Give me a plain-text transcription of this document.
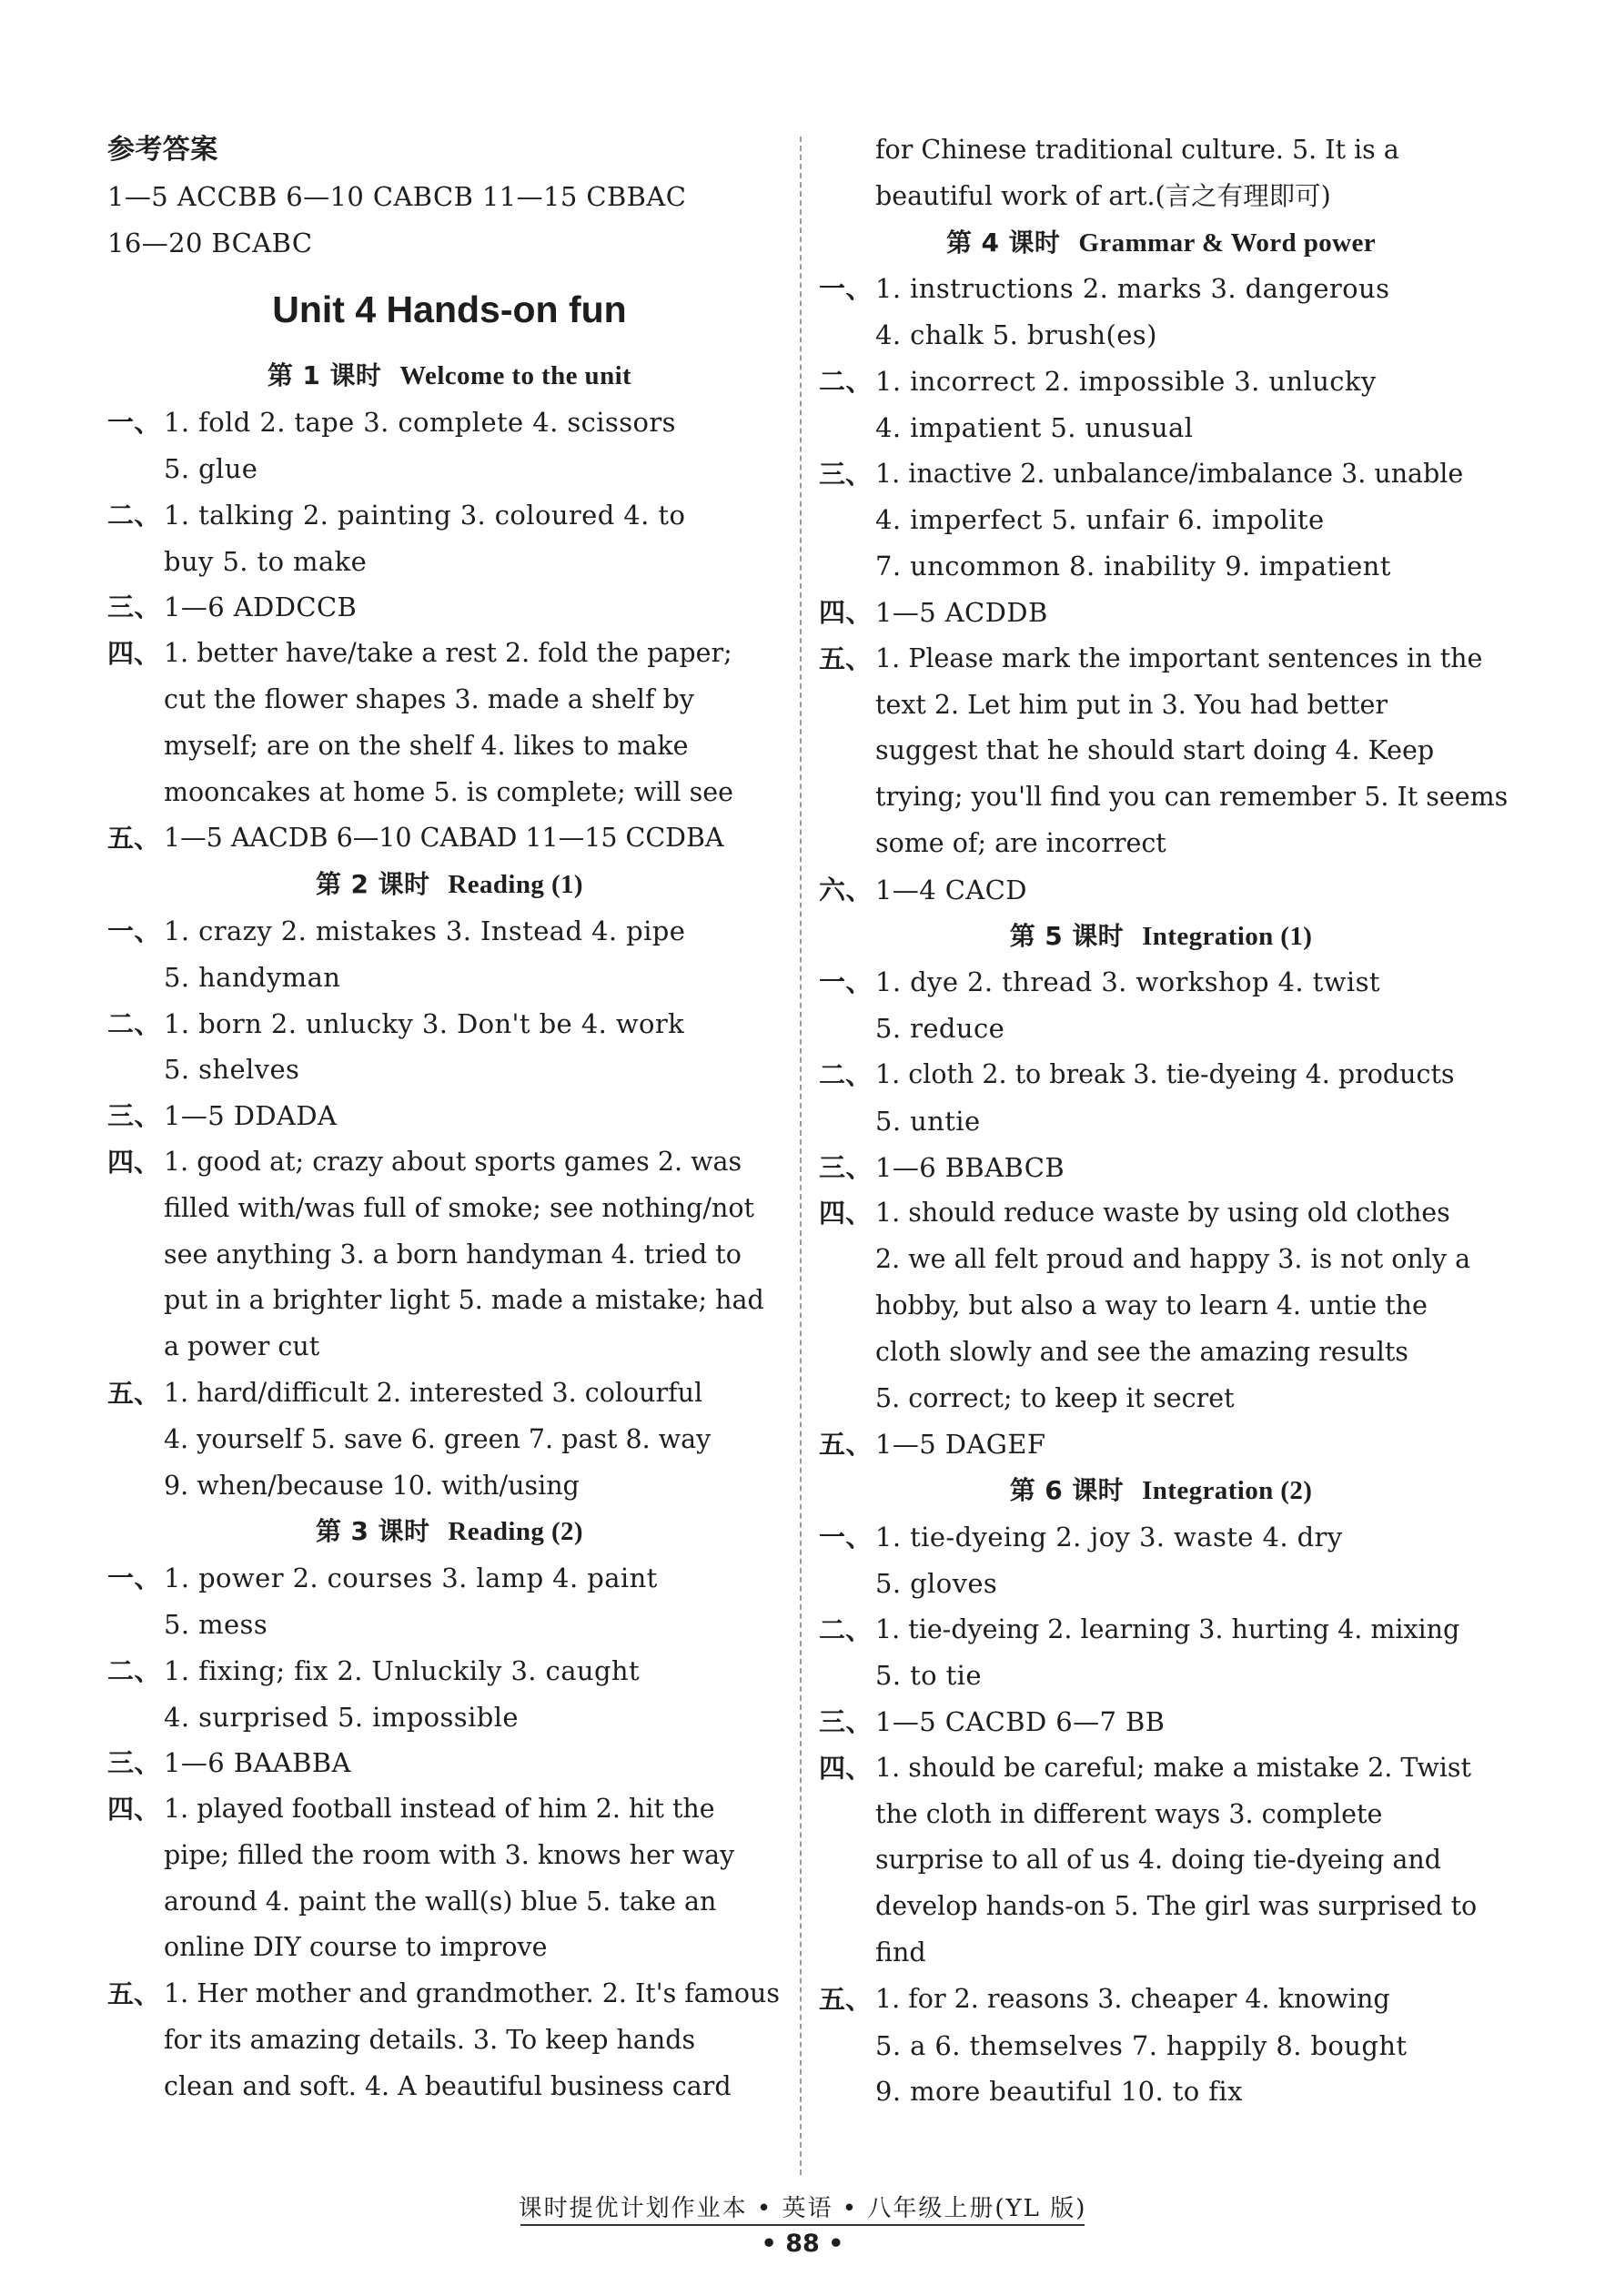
参考答案
1—5 ACCBB 6—10 CABCB 11—15 CBBAC
16—20 BCABC
Unit 4 Hands-on fun
第 1 课时 Welcome to the unit
一、 1. fold 2. tape 3. complete 4. scissors
5. glue
二、 1. talking 2. painting 3. coloured 4. to
buy 5. to make
三、 1—6 ADDCCB
四、 1. better have/take a rest 2. fold the paper;
cut the flower shapes 3. made a shelf by
myself; are on the shelf 4. likes to make
mooncakes at home 5. is complete; will see
五、 1—5 AACDB 6—10 CABAD 11—15 CCDBA
第 2 课时 Reading (1)
一、 1. crazy 2. mistakes 3. Instead 4. pipe
5. handyman
二、 1. born 2. unlucky 3. Don't be 4. work
5. shelves
三、 1—5 DDADA
四、 1. good at; crazy about sports games 2. was
filled with/was full of smoke; see nothing/not
see anything 3. a born handyman 4. tried to
put in a brighter light 5. made a mistake; had
a power cut
五、 1. hard/difficult 2. interested 3. colourful
4. yourself 5. save 6. green 7. past 8. way
9. when/because 10. with/using
第 3 课时 Reading (2)
一、 1. power 2. courses 3. lamp 4. paint
5. mess
二、 1. fixing; fix 2. Unluckily 3. caught
4. surprised 5. impossible
三、 1—6 BAABBA
四、 1. played football instead of him 2. hit the
pipe; filled the room with 3. knows her way
around 4. paint the wall(s) blue 5. take an
online DIY course to improve
五、 1. Her mother and grandmother. 2. It's famous
for its amazing details. 3. To keep hands
clean and soft. 4. A beautiful business card
for Chinese traditional culture. 5. It is a
beautiful work of art.(言之有理即可)
第 4 课时 Grammar & Word power
一、 1. instructions 2. marks 3. dangerous
4. chalk 5. brush(es)
二、 1. incorrect 2. impossible 3. unlucky
4. impatient 5. unusual
三、 1. inactive 2. unbalance/imbalance 3. unable
4. imperfect 5. unfair 6. impolite
7. uncommon 8. inability 9. impatient
四、 1—5 ACDDB
五、 1. Please mark the important sentences in the
text 2. Let him put in 3. You had better
suggest that he should start doing 4. Keep
trying; you'll find you can remember 5. It seems
some of; are incorrect
六、 1—4 CACD
第 5 课时 Integration (1)
一、 1. dye 2. thread 3. workshop 4. twist
5. reduce
二、 1. cloth 2. to break 3. tie-dyeing 4. products
5. untie
三、 1—6 BBABCB
四、 1. should reduce waste by using old clothes
2. we all felt proud and happy 3. is not only a
hobby, but also a way to learn 4. untie the
cloth slowly and see the amazing results
5. correct; to keep it secret
五、 1—5 DAGEF
第 6 课时 Integration (2)
一、 1. tie-dyeing 2. joy 3. waste 4. dry
5. gloves
二、 1. tie-dyeing 2. learning 3. hurting 4. mixing
5. to tie
三、 1—5 CACBD 6—7 BB
四、 1. should be careful; make a mistake 2. Twist
the cloth in different ways 3. complete
surprise to all of us 4. doing tie-dyeing and
develop hands-on 5. The girl was surprised to
find
五、 1. for 2. reasons 3. cheaper 4. knowing
5. a 6. themselves 7. happily 8. bought
9. more beautiful 10. to fix
课时提优计划作业本 • 英语 • 八年级上册(YL 版)
• 88 •
